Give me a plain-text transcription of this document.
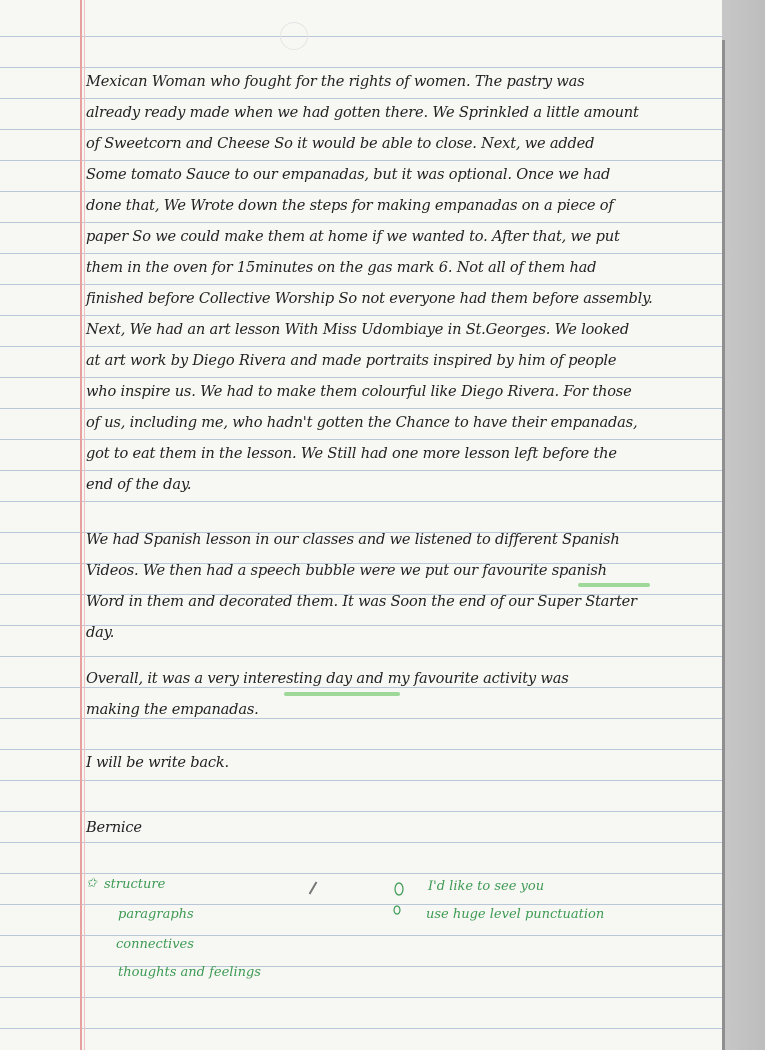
Mexican Woman who fought for the rights of women. The pastry was
already ready made when we had gotten there. We Sprinkled a little amount
of Sweetcorn and Cheese So it would be able to close. Next, we added
Some tomato Sauce to our empanadas, but it was optional. Once we had
done that, We Wrote down the steps for making empanadas on a piece of
paper So we could make them at home if we wanted to. After that, we put
them in the oven for 15minutes on the gas mark 6. Not all of them had
finished before Collective Worship So not everyone had them before assembly.
Next, We had an art lesson With Miss Udombiaye in St.Georges. We looked
at art work by Diego Rivera and made portraits inspired by him of people
who inspire us. We had to make them colourful like Diego Rivera. For those
of us, including me, who hadn't gotten the Chance to have their empanadas,
got to eat them in the lesson. We Still had one more lesson left before the
end of the day.
We had Spanish lesson in our classes and we listened to different Spanish
Videos. We then had a speech bubble were we put our favourite spanish
Word in them and decorated them. It was Soon the end of our Super Starter
day.
Overall, it was a very interesting day and my favourite activity was
making the empanadas.
I will be write back.
Bernice
✩ structure
paragraphs
connectives
thoughts and feelings
I'd like to see you
use huge level punctuation
